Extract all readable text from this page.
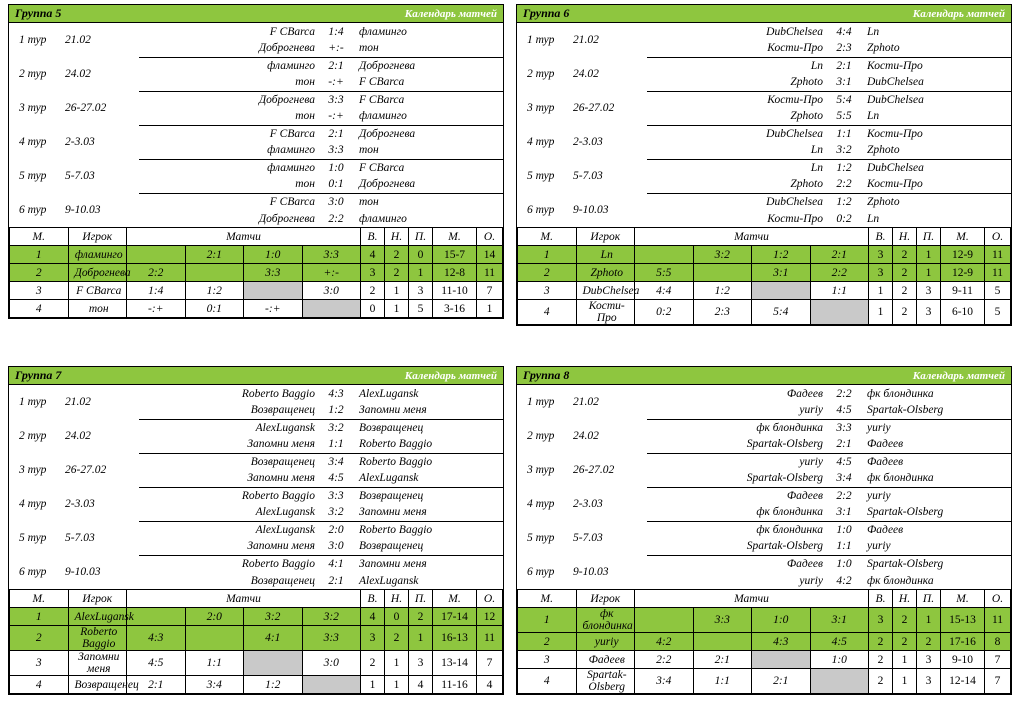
Группа 5	Календарь матчей
1 тур	21.02	F CBarca	1:4	фламинго
		Доброгнева	+:-	тон
2 тур	24.02	фламинго	2:1	Доброгнева
		тон	-:+	F CBarca
3 тур	26-27.02	Доброгнева	3:3	F CBarca
		тон	-:+	фламинго
4 тур	2-3.03	F CBarca	2:1	Доброгнева
		фламинго	3:3	тон
5 тур	5-7.03	фламинго	1:0	F CBarca
		тон	0:1	Доброгнева
6 тур	9-10.03	F CBarca	3:0	тон
		Доброгнева	2:2	фламинго
М.	Игрок	Матчи				В.	Н.	П.	М.	О.
1	фламинго		2:1	1:0	3:3	4	2	0	15-7	14
2	Доброгнева	2:2		3:3	+:-	3	2	1	12-8	11
3	F CBarca	1:4	1:2		3:0	2	1	3	11-10	7
4	тон	-:+	0:1	-:+		0	1	5	3-16	1
Группа 6	Календарь матчей
1 тур	21.02	DubChelsea	4:4	Ln
		Кости-Про	2:3	Zphoto
2 тур	24.02	Ln	2:1	Кости-Про
		Zphoto	3:1	DubChelsea
3 тур	26-27.02	Кости-Про	5:4	DubChelsea
		Zphoto	5:5	Ln
4 тур	2-3.03	DubChelsea	1:1	Кости-Про
		Ln	3:2	Zphoto
5 тур	5-7.03	Ln	1:2	DubChelsea
		Zphoto	2:2	Кости-Про
6 тур	9-10.03	DubChelsea	1:2	Zphoto
		Кости-Про	0:2	Ln
М.	Игрок	Матчи				В.	Н.	П.	М.	О.
1	Ln		3:2	1:2	2:1	3	2	1	12-9	11
2	Zphoto	5:5		3:1	2:2	3	2	1	12-9	11
3	DubChelsea	4:4	1:2		1:1	1	2	3	9-11	5
4	Кости-Про	0:2	2:3	5:4		1	2	3	6-10	5
Группа 7	Календарь матчей
1 тур	21.02	Roberto Baggio	4:3	AlexLugansk
		Возвращенец	1:2	Запомни меня
2 тур	24.02	AlexLugansk	3:2	Возвращенец
		Запомни меня	1:1	Roberto Baggio
3 тур	26-27.02	Возвращенец	3:4	Roberto Baggio
		Запомни меня	4:5	AlexLugansk
4 тур	2-3.03	Roberto Baggio	3:3	Возвращенец
		AlexLugansk	3:2	Запомни меня
5 тур	5-7.03	AlexLugansk	2:0	Roberto Baggio
		Запомни меня	3:0	Возвращенец
6 тур	9-10.03	Roberto Baggio	4:1	Запомни меня
		Возвращенец	2:1	AlexLugansk
М.	Игрок	Матчи				В.	Н.	П.	М.	О.
1	AlexLugansk		2:0	3:2	3:2	4	0	2	17-14	12
2	Roberto Baggio	4:3		4:1	3:3	3	2	1	16-13	11
3	Запомни меня	4:5	1:1		3:0	2	1	3	13-14	7
4	Возвращенец	2:1	3:4	1:2		1	1	4	11-16	4
Группа 8	Календарь матчей
1 тур	21.02	Фадеев	2:2	фк блондинка
		yuriy	4:5	Spartak-Olsberg
2 тур	24.02	фк блондинка	3:3	yuriy
		Spartak-Olsberg	2:1	Фадеев
3 тур	26-27.02	yuriy	4:5	Фадеев
		Spartak-Olsberg	3:4	фк блондинка
4 тур	2-3.03	Фадеев	2:2	yuriy
		фк блондинка	3:1	Spartak-Olsberg
5 тур	5-7.03	фк блондинка	1:0	Фадеев
		Spartak-Olsberg	1:1	yuriy
6 тур	9-10.03	Фадеев	1:0	Spartak-Olsberg
		yuriy	4:2	фк блондинка
М.	Игрок	Матчи				В.	Н.	П.	М.	О.
1	фк блондинка		3:3	1:0	3:1	3	2	1	15-13	11
2	yuriy	4:2		4:3	4:5	2	2	2	17-16	8
3	Фадеев	2:2	2:1		1:0	2	1	3	9-10	7
4	Spartak-Olsberg	3:4	1:1	2:1		2	1	3	12-14	7
